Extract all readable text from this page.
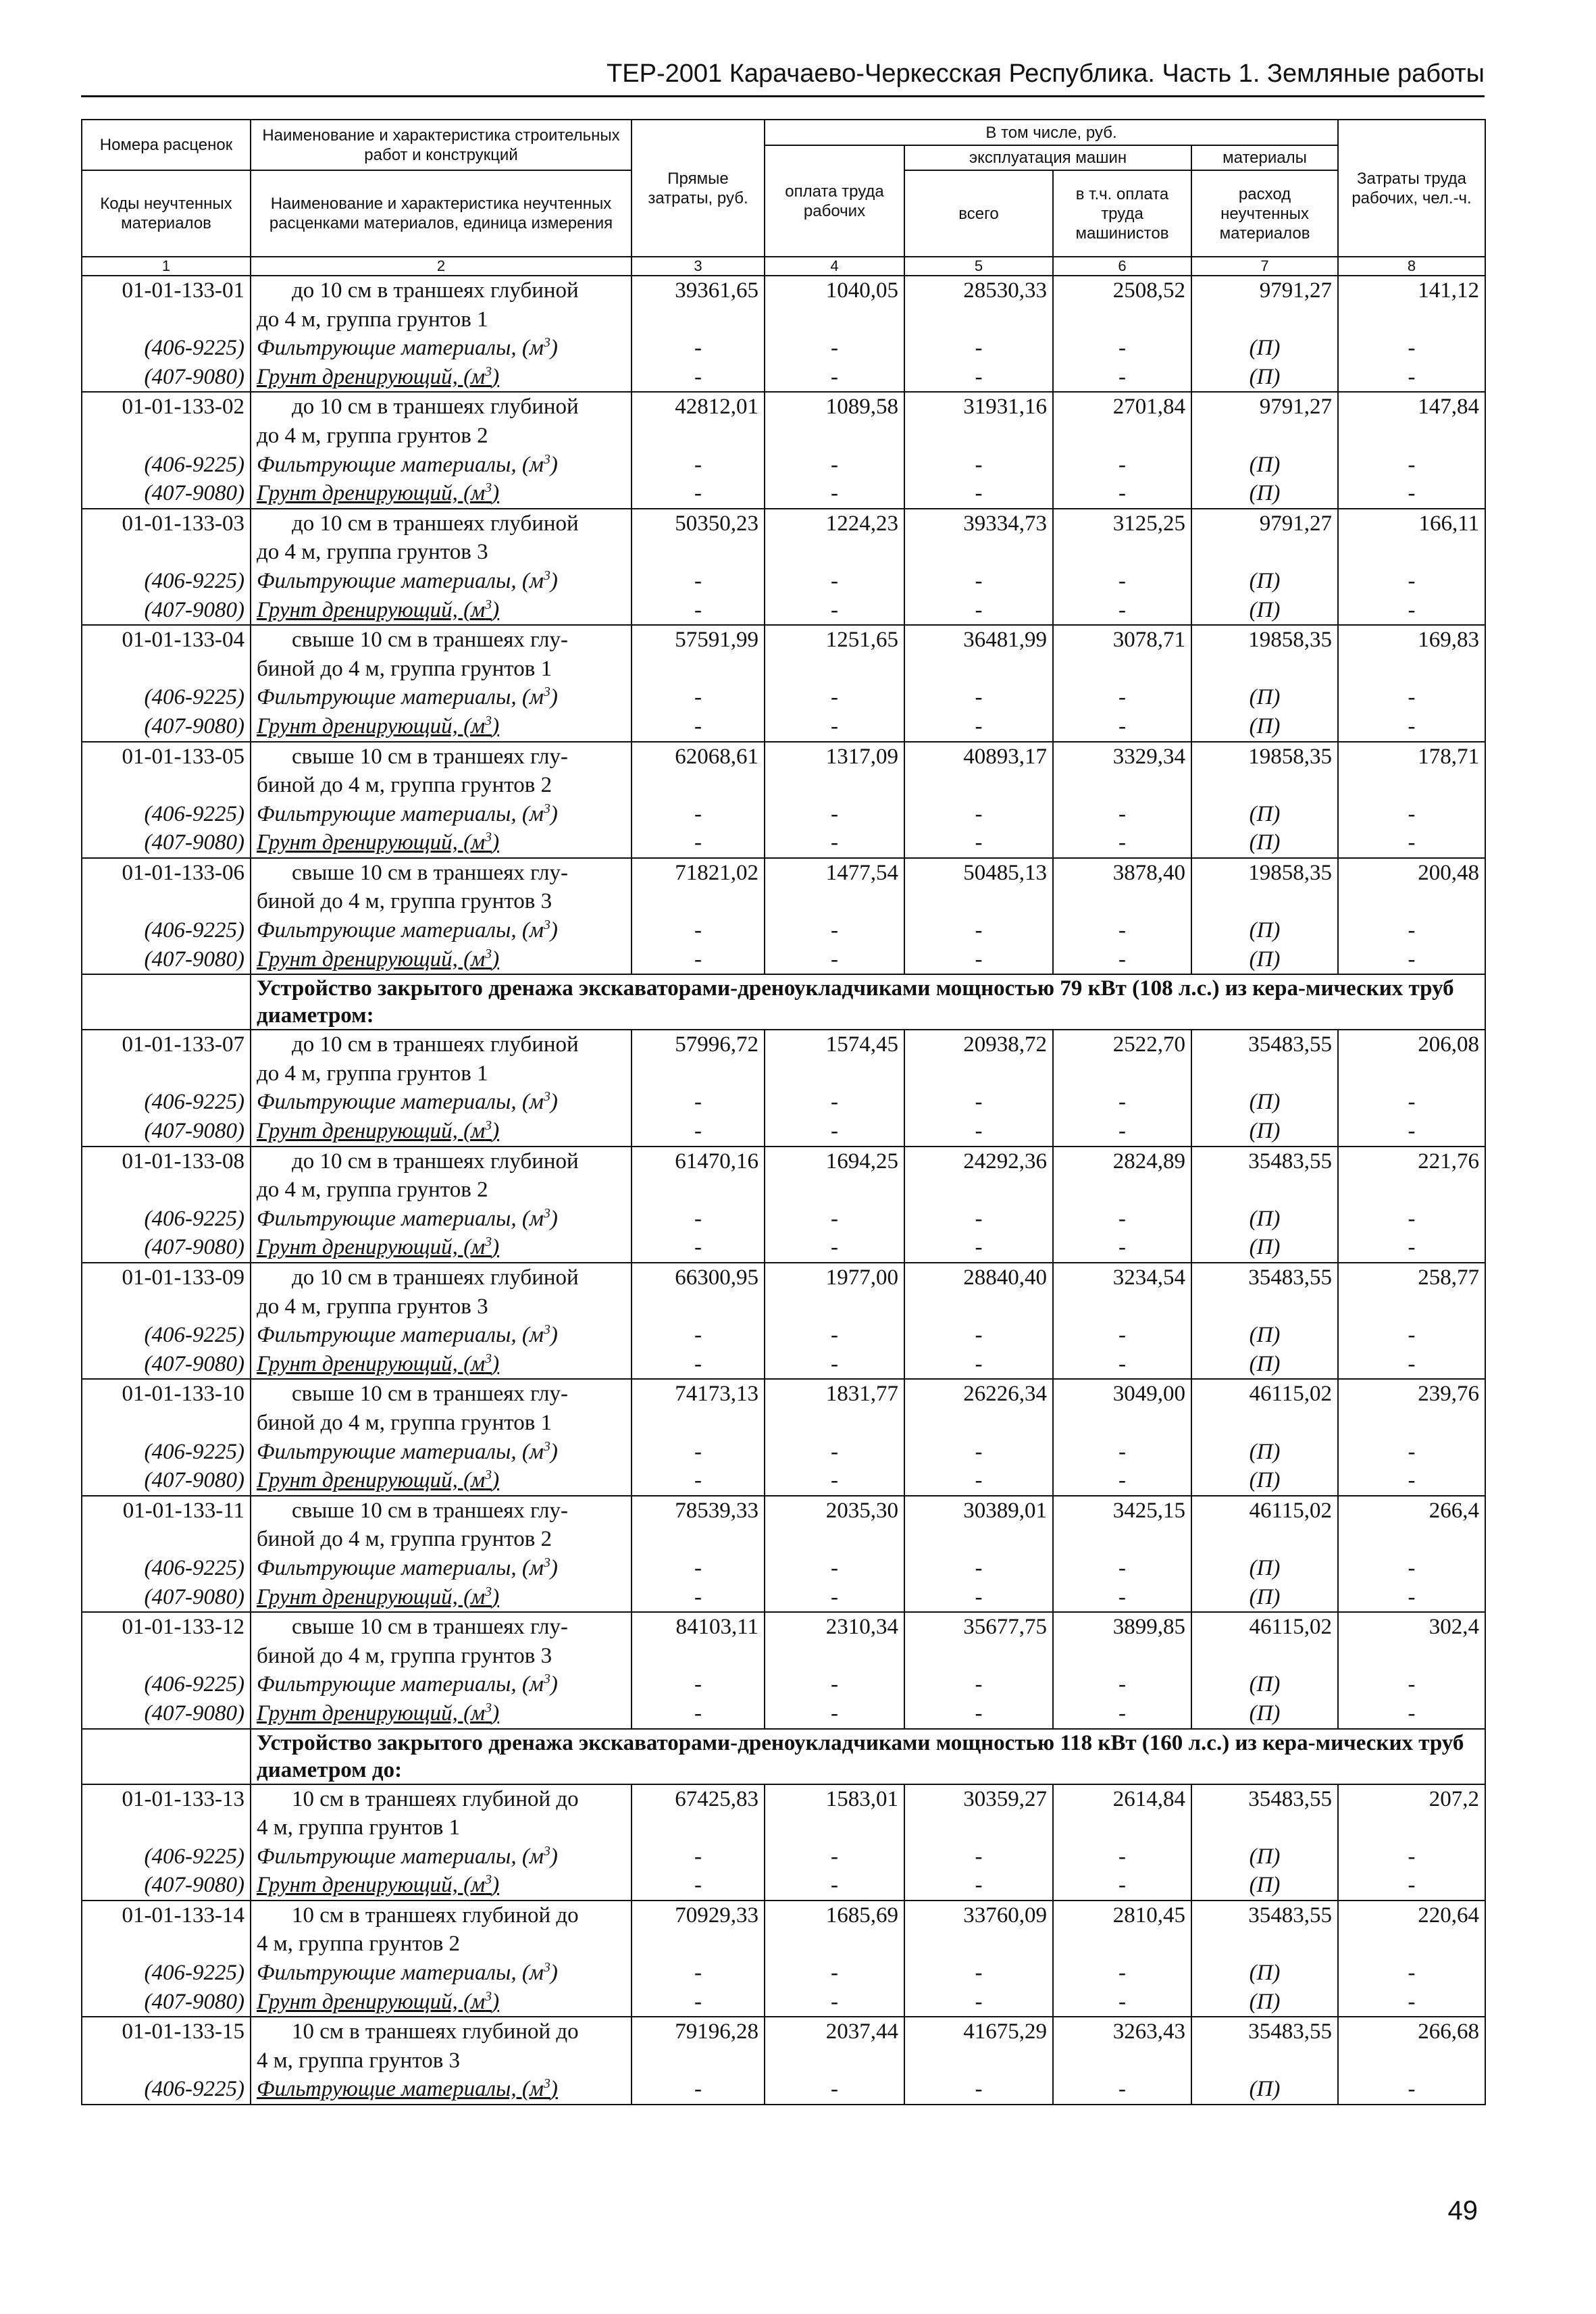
ТЕР-2001 Карачаево-Черкесская Республика. Часть 1. Земляные работы
Номера расценок	Наименование и характеристика строительных работ и конструкций	Прямые затраты, руб.	В том числе, руб.				Затраты труда рабочих, чел.-ч.
			оплата труда рабочих	эксплуатация машин		материалы	
Коды неучтенных материалов	Наименование и характеристика неучтенных расценками материалов, единица измерения			всего	в т.ч. оплата труда машинистов	расход неучтенных материалов	
1	2	3	4	5	6	7	8
01-01-133-01	до 10 см в траншеях глубиной	39361,65	1040,05	28530,33	2508,52	9791,27	141,12
	до 4 м, группа грунтов 1						
(406-9225)	Фильтрующие материалы, $(м^3)$	-	-	-	-	(П)	-
(407-9080)	Грунт дренирующий, $(м^3)$	-	-	-	-	(П)	-
01-01-133-02	до 10 см в траншеях глубиной	42812,01	1089,58	31931,16	2701,84	9791,27	147,84
	до 4 м, группа грунтов 2						
(406-9225)	Фильтрующие материалы, $(м^3)$	-	-	-	-	(П)	-
(407-9080)	Грунт дренирующий, $(м^3)$	-	-	-	-	(П)	-
01-01-133-03	до 10 см в траншеях глубиной	50350,23	1224,23	39334,73	3125,25	9791,27	166,11
	до 4 м, группа грунтов 3						
(406-9225)	Фильтрующие материалы, $(м^3)$	-	-	-	-	(П)	-
(407-9080)	Грунт дренирующий, $(м^3)$	-	-	-	-	(П)	-
01-01-133-04	свыше 10 см в траншеях глу-	57591,99	1251,65	36481,99	3078,71	19858,35	169,83
	биной до 4 м, группа грунтов 1						
(406-9225)	Фильтрующие материалы, $(м^3)$	-	-	-	-	(П)	-
(407-9080)	Грунт дренирующий, $(м^3)$	-	-	-	-	(П)	-
01-01-133-05	свыше 10 см в траншеях глу-	62068,61	1317,09	40893,17	3329,34	19858,35	178,71
	биной до 4 м, группа грунтов 2						
(406-9225)	Фильтрующие материалы, $(м^3)$	-	-	-	-	(П)	-
(407-9080)	Грунт дренирующий, $(м^3)$	-	-	-	-	(П)	-
01-01-133-06	свыше 10 см в траншеях глу-	71821,02	1477,54	50485,13	3878,40	19858,35	200,48
	биной до 4 м, группа грунтов 3						
(406-9225)	Фильтрующие материалы, $(м^3)$	-	-	-	-	(П)	-
(407-9080)	Грунт дренирующий, $(м^3)$	-	-	-	-	(П)	-
	Устройство закрытого дренажа экскаваторами-дреноукладчиками мощностью 79 кВт (108 л.с.) из кера-мических труб диаметром:						
01-01-133-07	до 10 см в траншеях глубиной	57996,72	1574,45	20938,72	2522,70	35483,55	206,08
	до 4 м, группа грунтов 1						
(406-9225)	Фильтрующие материалы, $(м^3)$	-	-	-	-	(П)	-
(407-9080)	Грунт дренирующий, $(м^3)$	-	-	-	-	(П)	-
01-01-133-08	до 10 см в траншеях глубиной	61470,16	1694,25	24292,36	2824,89	35483,55	221,76
	до 4 м, группа грунтов 2						
(406-9225)	Фильтрующие материалы, $(м^3)$	-	-	-	-	(П)	-
(407-9080)	Грунт дренирующий, $(м^3)$	-	-	-	-	(П)	-
01-01-133-09	до 10 см в траншеях глубиной	66300,95	1977,00	28840,40	3234,54	35483,55	258,77
	до 4 м, группа грунтов 3						
(406-9225)	Фильтрующие материалы, $(м^3)$	-	-	-	-	(П)	-
(407-9080)	Грунт дренирующий, $(м^3)$	-	-	-	-	(П)	-
01-01-133-10	свыше 10 см в траншеях глу-	74173,13	1831,77	26226,34	3049,00	46115,02	239,76
	биной до 4 м, группа грунтов 1						
(406-9225)	Фильтрующие материалы, $(м^3)$	-	-	-	-	(П)	-
(407-9080)	Грунт дренирующий, $(м^3)$	-	-	-	-	(П)	-
01-01-133-11	свыше 10 см в траншеях глу-	78539,33	2035,30	30389,01	3425,15	46115,02	266,4
	биной до 4 м, группа грунтов 2						
(406-9225)	Фильтрующие материалы, $(м^3)$	-	-	-	-	(П)	-
(407-9080)	Грунт дренирующий, $(м^3)$	-	-	-	-	(П)	-
01-01-133-12	свыше 10 см в траншеях глу-	84103,11	2310,34	35677,75	3899,85	46115,02	302,4
	биной до 4 м, группа грунтов 3						
(406-9225)	Фильтрующие материалы, $(м^3)$	-	-	-	-	(П)	-
(407-9080)	Грунт дренирующий, $(м^3)$	-	-	-	-	(П)	-
	Устройство закрытого дренажа экскаваторами-дреноукладчиками мощностью 118 кВт (160 л.с.) из кера-мических труб диаметром до:						
01-01-133-13	10 см в траншеях глубиной до	67425,83	1583,01	30359,27	2614,84	35483,55	207,2
	4 м, группа грунтов 1						
(406-9225)	Фильтрующие материалы, $(м^3)$	-	-	-	-	(П)	-
(407-9080)	Грунт дренирующий, $(м^3)$	-	-	-	-	(П)	-
01-01-133-14	10 см в траншеях глубиной до	70929,33	1685,69	33760,09	2810,45	35483,55	220,64
	4 м, группа грунтов 2						
(406-9225)	Фильтрующие материалы, $(м^3)$	-	-	-	-	(П)	-
(407-9080)	Грунт дренирующий, $(м^3)$	-	-	-	-	(П)	-
01-01-133-15	10 см в траншеях глубиной до	79196,28	2037,44	41675,29	3263,43	35483,55	266,68
	4 м, группа грунтов 3						
(406-9225)	Фильтрующие материалы, $(м^3)$	-	-	-	-	(П)	-
49
